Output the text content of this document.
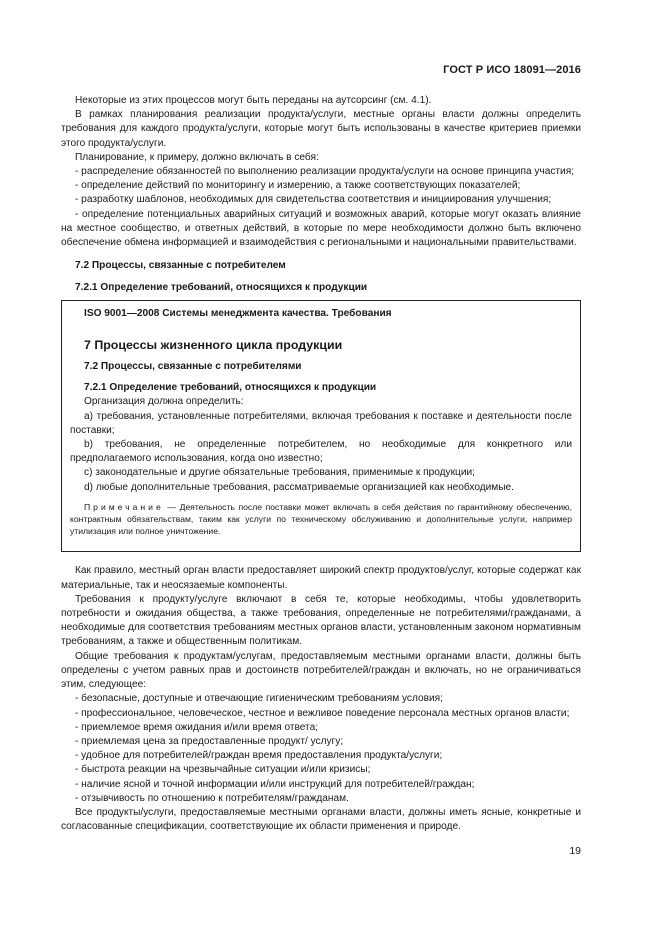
ГОСТ Р ИСО 18091—2016

Некоторые из этих процессов могут быть переданы на аутсорсинг (см. 4.1).

В рамках планирования реализации продукта/услуги, местные органы власти должны определить требования для каждого продукта/услуги, которые могут быть использованы в качестве критериев приемки этого продукта/услуги.

Планирование, к примеру, должно включать в себя:

- распределение обязанностей по выполнению реализации продукта/услуги на основе принципа участия;

- определение действий по мониторингу и измерению, а также соответствующих показателей;

- разработку шаблонов, необходимых для свидетельства соответствия и инициирования улучшения;

- определение потенциальных аварийных ситуаций и возможных аварий, которые могут оказать влияние на местное сообщество, и ответных действий, в которые по мере необходимости должно быть включено обеспечение обмена информацией и взаимодействия с региональными и национальными правительствами.

7.2 Процессы, связанные с потребителем

7.2.1 Определение требований, относящихся к продукции

ISO 9001—2008 Системы менеджмента качества. Требования
7 Процессы жизненного цикла продукции
7.2 Процессы, связанные с потребителями
7.2.1 Определение требований, относящихся к продукции

Организация должна определить:

a) требования, установленные потребителями, включая требования к поставке и деятельности после поставки;

b) требования, не определенные потребителем, но необходимые для конкретного или предполагаемого использования, когда оно известно;

c) законодательные и другие обязательные требования, применимые к продукции;

d) любые дополнительные требования, рассматриваемые организацией как необходимые.

Примечание — Деятельность после поставки может включать в себя действия по гарантийному обеспечению, контрактным обязательствам, таким как услуги по техническому обслуживанию и дополнительные услуги, например утилизация или полное уничтожение.

Как правило, местный орган власти предоставляет широкий спектр продуктов/услуг, которые содержат как материальные, так и неосязаемые компоненты.

Требования к продукту/услуге включают в себя те, которые необходимы, чтобы удовлетворить потребности и ожидания общества, а также требования, определенные не потребителями/гражданами, а необходимые для соответствия требованиям местных органов власти, установленным законом нормативным требованиям, а также и общественным политикам.

Общие требования к продуктам/услугам, предоставляемым местными органами власти, должны быть определены с учетом равных прав и достоинств потребителей/граждан и включать, но не ограничиваться этим, следующее:

- безопасные, доступные и отвечающие гигиеническим требованиям условия;

- профессиональное, человеческое, честное и вежливое поведение персонала местных органов власти;

- приемлемое время ожидания и/или время ответа;

- приемлемая цена за предоставленные продукт/ услугу;

- удобное для потребителей/граждан время предоставления продукта/услуги;

- быстрота реакции на чрезвычайные ситуации и/или кризисы;

- наличие ясной и точной информации и/или инструкций для потребителей/граждан;

- отзывчивость по отношению к потребителям/гражданам.

Все продукты/услуги, предоставляемые местными органами власти, должны иметь ясные, конкретные и согласованные спецификации, соответствующие их области применения и природе.

19
